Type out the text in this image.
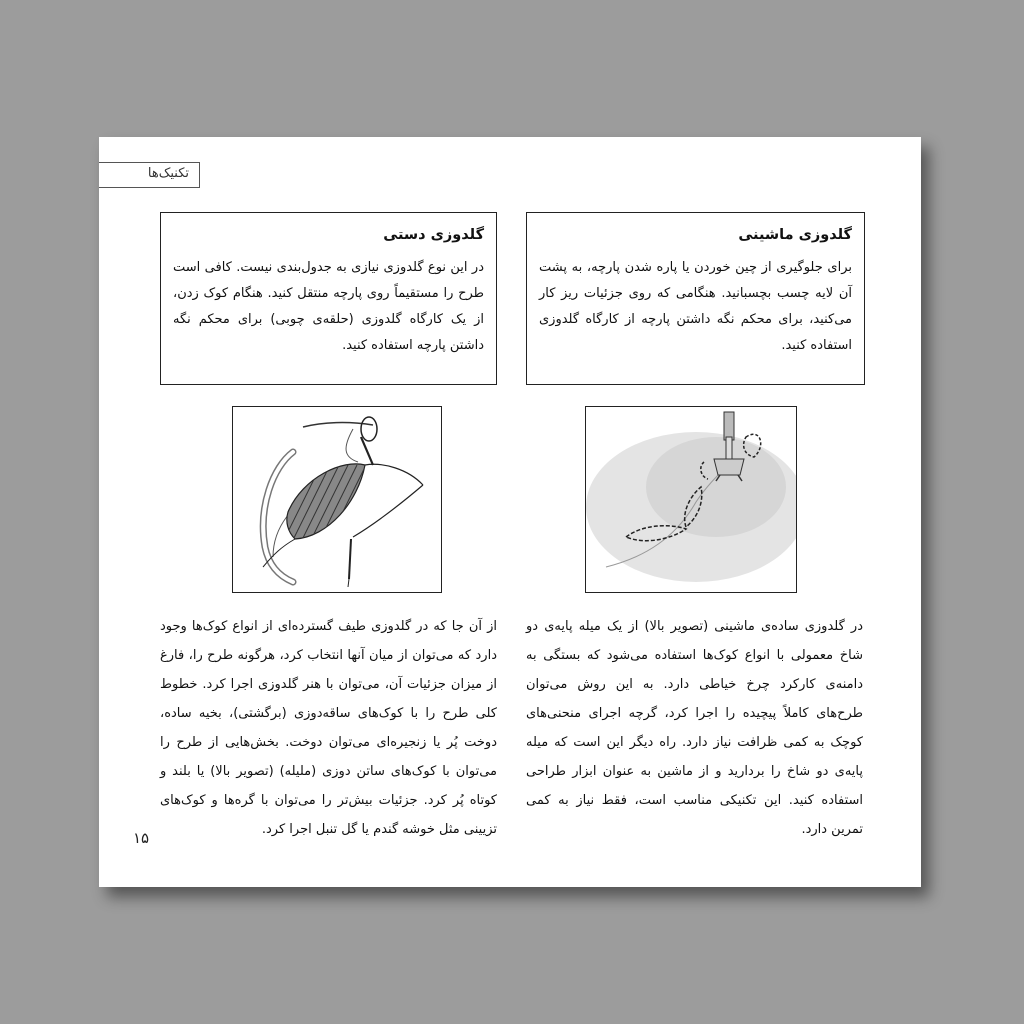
تکنیک‌ها
گلدوزی ماشینی

برای جلوگیری از چین خوردن یا پاره شدن پارچه، به پشت آن لایه چسب بچسبانید. هنگامی که روی جزئیات ریز کار می‌کنید، برای محکم نگه داشتن پارچه از کارگاه گلدوزی استفاده کنید.

گلدوزی دستی

در این نوع گلدوزی نیازی به جدول‌بندی نیست. کافی است طرح را مستقیماً روی پارچه منتقل کنید. هنگام کوک زدن، از یک کارگاه گلدوزی (حلقه‌ی چوبی) برای محکم نگه داشتن پارچه استفاده کنید.

در گلدوزی ساده‌ی ماشینی (تصویر بالا) از یک میله پایه‌ی دو شاخ معمولی با انواع کوک‌ها استفاده می‌شود که بستگی به دامنه‌ی کارکرد چرخ خیاطی دارد. به این روش می‌توان طرح‌های کاملاً پیچیده را اجرا کرد، گرچه اجرای منحنی‌های کوچک به کمی ظرافت نیاز دارد. راه دیگر این است که میله پایه‌ی دو شاخ را بردارید و از ماشین به عنوان ابزار طراحی استفاده کنید. این تکنیکی مناسب است، فقط نیاز به کمی تمرین دارد.

از آن جا که در گلدوزی طیف گسترده‌ای از انواع کوک‌ها وجود دارد که می‌توان از میان آنها انتخاب کرد، هرگونه طرح را، فارغ از میزان جزئیات آن، می‌توان با هنر گلدوزی اجرا کرد. خطوط کلی طرح را با کوک‌های ساقه‌دوزی (برگشتی)، بخیه ساده، دوخت پُر یا زنجیره‌ای می‌توان دوخت. بخش‌هایی از طرح را می‌توان با کوک‌های ساتن دوزی (ملیله) (تصویر بالا) یا بلند و کوتاه پُر کرد. جزئیات بیش‌تر را می‌توان با گره‌ها و کوک‌های تزیینی مثل خوشه گندم یا گل تنبل اجرا کرد.

۱۵
